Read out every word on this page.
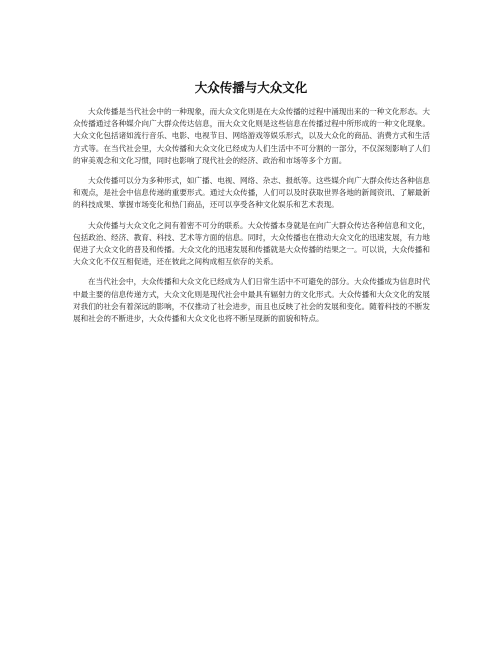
大众传播与大众文化

大众传播是当代社会中的一种现象，而大众文化则是在大众传播的过程中涌现出来的一种文化形态。大众传播通过各种媒介向广大群众传达信息，而大众文化则是这些信息在传播过程中所形成的一种文化现象。大众文化包括诸如流行音乐、电影、电视节目、网络游戏等娱乐形式，以及大众化的商品、消费方式和生活方式等。在当代社会里，大众传播和大众文化已经成为人们生活中不可分割的一部分，不仅深刻影响了人们的审美观念和文化习惯，同时也影响了现代社会的经济、政治和市场等多个方面。

大众传播可以分为多种形式，如广播、电视、网络、杂志、报纸等。这些媒介向广大群众传达各种信息和观点，是社会中信息传递的重要形式。通过大众传播，人们可以及时获取世界各地的新闻资讯、了解最新的科技成果、掌握市场变化和热门商品，还可以享受各种文化娱乐和艺术表现。

大众传播与大众文化之间有着密不可分的联系。大众传播本身就是在向广大群众传达各种信息和文化，包括政治、经济、教育、科技、艺术等方面的信息。同时，大众传播也在推动大众文化的迅速发展，有力地促进了大众文化的普及和传播。大众文化的迅速发展和传播就是大众传播的结果之一。可以说，大众传播和大众文化不仅互相促进，还在彼此之间构成相互依存的关系。

在当代社会中，大众传播和大众文化已经成为人们日常生活中不可避免的部分。大众传播成为信息时代中最主要的信息传递方式，大众文化则是现代社会中最具有辐射力的文化形式。大众传播和大众文化的发展对我们的社会有着深远的影响，不仅推动了社会进步，而且也反映了社会的发展和变化。随着科技的不断发展和社会的不断进步，大众传播和大众文化也将不断呈现新的面貌和特点。
